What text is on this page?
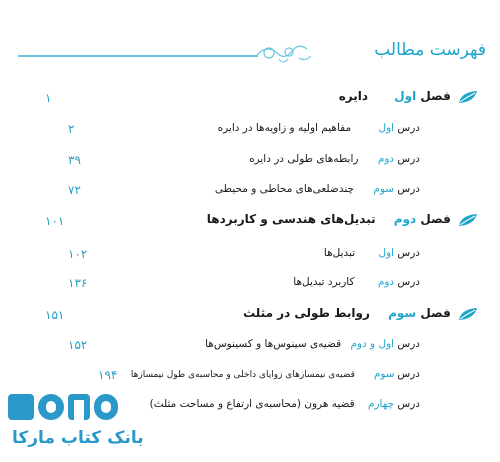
فهرست مطالب
فصل اول دایره
۱
درس اول مفاهیم اولیه و زاویه‌ها در دایره
۲
درس دوم رابطه‌های طولی در دایره
۳۹
درس سوم چندضلعی‌های محاطی و محیطی
۷۲
فصل دوم تبدیل‌های هندسی و کاربردها
۱۰۱
درس اول تبدیل‌ها
۱۰۲
درس دوم کاربرد تبدیل‌ها
۱۳۶
فصل سوم روابط طولی در مثلث
۱۵۱
درس اول و دوم قضیه‌ی سینوس‌ها و کسینوس‌ها
۱۵۲
درس سوم قضیه‌ی نیمسازهای زوایای داخلی و محاسبه‌ی طول نیمسازها
۱۹۴
درس چهارم قضیه هرون (محاسبه‌ی ارتفاع و مساحت مثلث)
بانک کتاب مارکا
